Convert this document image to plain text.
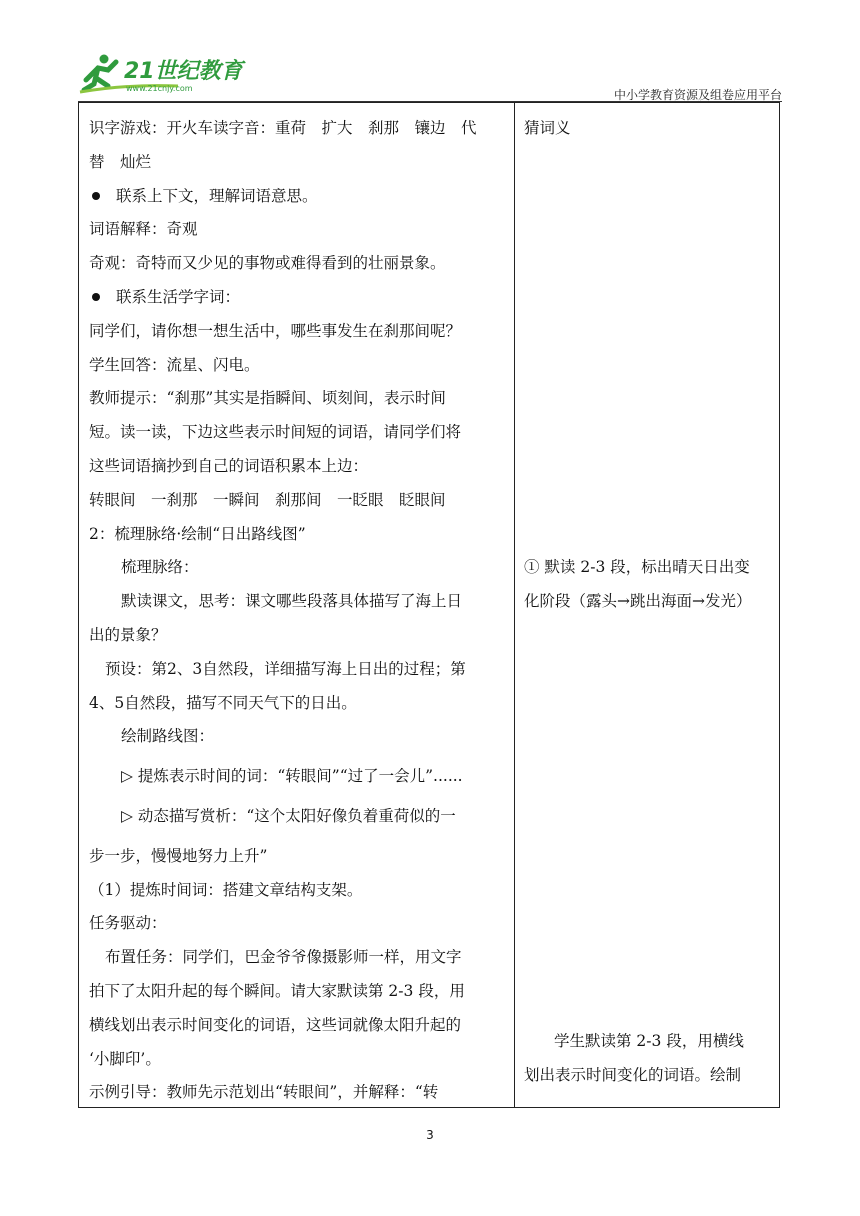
21世纪教育
www.21cnjy.com	中小学教育资源及组卷应用平台
识字游戏：开火车读字音：重荷　扩大　刹那　镶边　代
替　灿烂
联系上下文，理解词语意思。
词语解释：奇观
奇观：奇特而又少见的事物或难得看到的壮丽景象。
联系生活学字词：
同学们，请你想一想生活中，哪些事发生在刹那间呢？
学生回答：流星、闪电。
教师提示：“刹那”其实是指瞬间、顷刻间，表示时间
短。读一读，下边这些表示时间短的词语，请同学们将
这些词语摘抄到自己的词语积累本上边：
转眼间　一刹那　一瞬间　刹那间　一眨眼　眨眼间
2：梳理脉络·绘制“日出路线图”
梳理脉络：
默读课文，思考：课文哪些段落具体描写了海上日
出的景象？
预设：第2、3自然段，详细描写海上日出的过程；第
4、5自然段，描写不同天气下的日出。
绘制路线图：
▷ 提炼表示时间的词：“转眼间”“过了一会儿”......
▷ 动态描写赏析：“这个太阳好像负着重荷似的一
步一步，慢慢地努力上升”
（1）提炼时间词：搭建文章结构支架。
任务驱动：
布置任务：同学们，巴金爷爷像摄影师一样，用文字
拍下了太阳升起的每个瞬间。请大家默读第 2-3 段，用
横线划出表示时间变化的词语，这些词就像太阳升起的
‘小脚印’。
示例引导：教师先示范划出“转眼间”，并解释：“转
猜词义
① 默读 2-3 段，标出晴天日出变
化阶段（露头→跳出海面→发光）
学生默读第 2-3 段，用横线
划出表示时间变化的词语。绘制
3
